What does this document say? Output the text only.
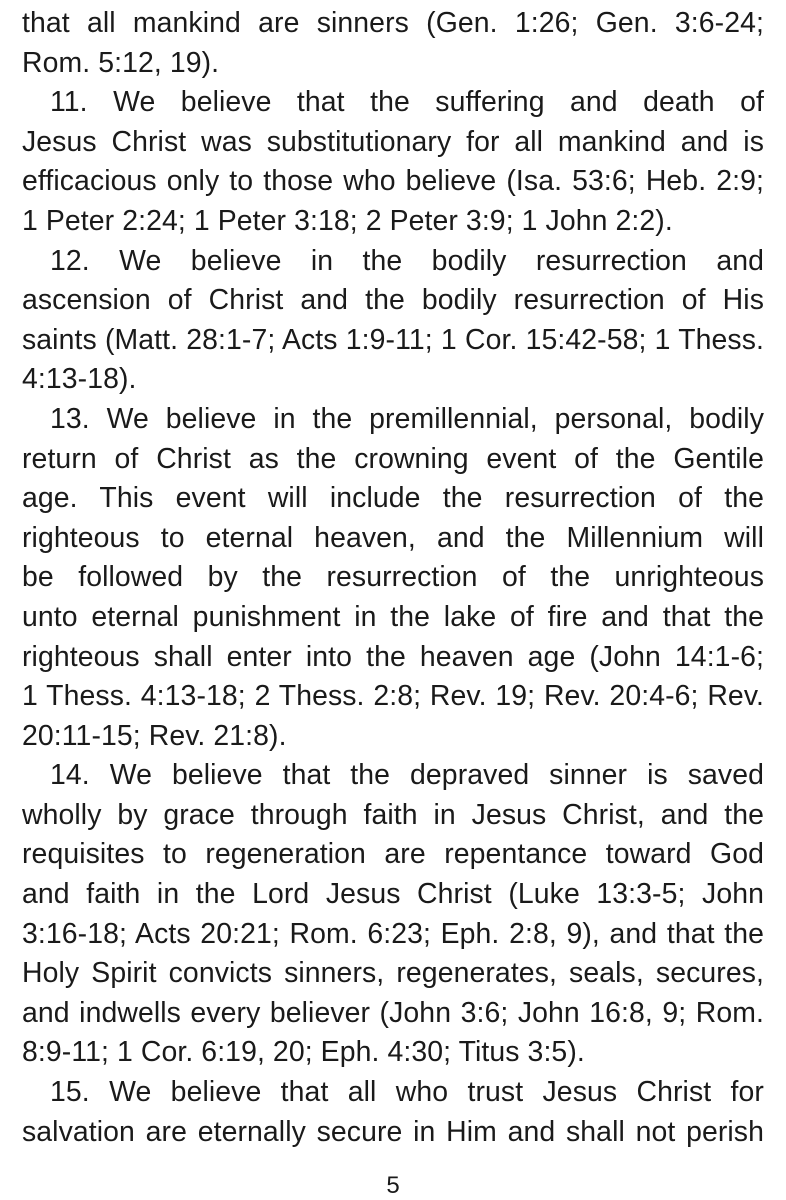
that all mankind are sinners (Gen. 1:26; Gen. 3:6-24;
Rom. 5:12, 19).
11. We believe that the suffering and death of
Jesus Christ was substitutionary for all mankind and is
efficacious only to those who believe (Isa. 53:6; Heb. 2:9;
1 Peter 2:24; 1 Peter 3:18; 2 Peter 3:9; 1 John 2:2).
12. We believe in the bodily resurrection and
ascension of Christ and the bodily resurrection of His
saints (Matt. 28:1-7; Acts 1:9-11; 1 Cor. 15:42-58; 1 Thess.
4:13-18).
13. We believe in the premillennial, personal, bodily
return of Christ as the crowning event of the Gentile
age. This event will include the resurrection of the
righteous to eternal heaven, and the Millennium will
be followed by the resurrection of the unrighteous
unto eternal punishment in the lake of fire and that the
righteous shall enter into the heaven age (John 14:1-6;
1 Thess. 4:13-18; 2 Thess. 2:8; Rev. 19; Rev. 20:4-6; Rev.
20:11-15; Rev. 21:8).
14. We believe that the depraved sinner is saved
wholly by grace through faith in Jesus Christ, and the
requisites to regeneration are repentance toward God
and faith in the Lord Jesus Christ (Luke 13:3-5; John
3:16-18; Acts 20:21; Rom. 6:23; Eph. 2:8, 9), and that the
Holy Spirit convicts sinners, regenerates, seals, secures,
and indwells every believer (John 3:6; John 16:8, 9; Rom.
8:9-11; 1 Cor. 6:19, 20; Eph. 4:30; Titus 3:5).
15. We believe that all who trust Jesus Christ for
salvation are eternally secure in Him and shall not perish
5
